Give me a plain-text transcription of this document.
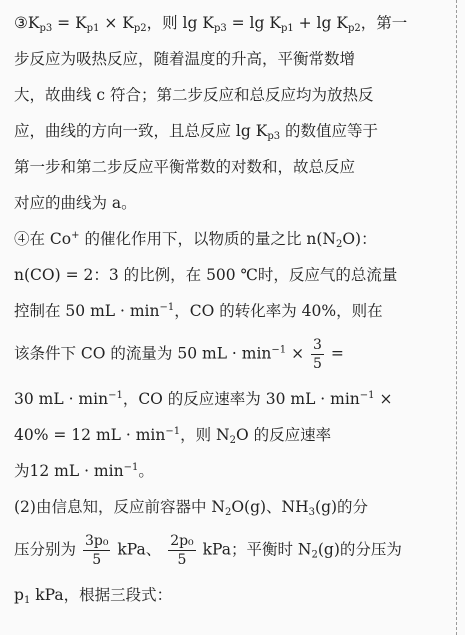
$③K_{p3} = K_{p1} \times K_{p2}$，则 $\lg K_{p3} = \lg K_{p1} + \lg K_{p2}$，第一
步反应为吸热反应，随着温度的升高，平衡常数增
大，故曲线 c 符合；第二步反应和总反应均为放热反
应，曲线的方向一致，且总反应 $\lg K_{p3}$ 的数值应等于
第一步和第二步反应平衡常数的对数和，故总反应
对应的曲线为 a。
④在 Co+ 的催化作用下，以物质的量之比 $n(N_2O)$：
n(CO) = 2：3 的比例，在 500 ℃时，反应气的总流量
控制在 50 mL · $\min^{-1}$，CO 的转化率为 40%，则在
该条件下 CO 的流量为 50 mL · $\min^{-1} \times \frac{3}{5}$ =
30 mL · $\min^{-1}$，CO 的反应速率为 30 mL · $\min^{-1}$ ×
40% = 12 mL · $\min^{-1}$，则 $N_2O$ 的反应速率
为12 mL · $\min^{-1}$。
(2)由信息知，反应前容器中 $N_2O(g)$、$NH_3(g)$的分
压分别为 $\frac{\text{3p₀}}{5}$ kPa、 $\frac{\text{2p₀}}{5}$ kPa；平衡时 $N_2(g)$的分压为
$p_1$ kPa，根据三段式：
